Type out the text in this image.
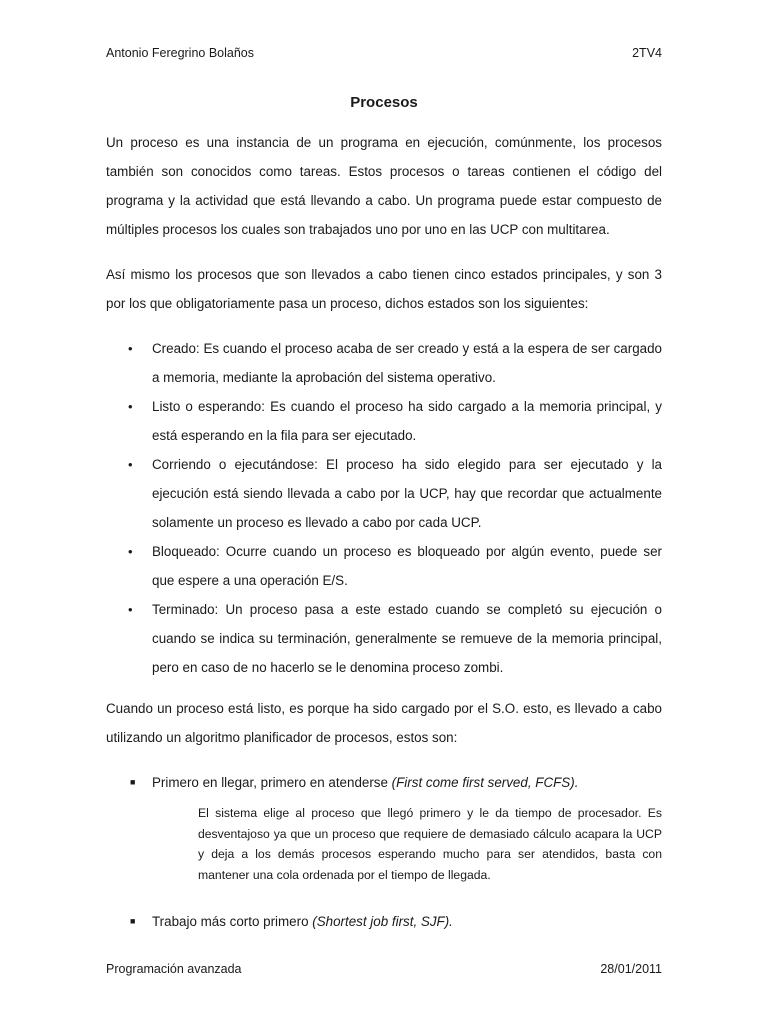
Antonio Feregrino Bolaños	2TV4
Procesos

Un proceso es una instancia de un programa en ejecución, comúnmente, los procesos también son conocidos como tareas. Estos procesos o tareas contienen el código del programa y la actividad que está llevando a cabo. Un programa puede estar compuesto de múltiples procesos los cuales son trabajados uno por uno en las UCP con multitarea.

Así mismo los procesos que son llevados a cabo tienen cinco estados principales, y son 3 por los que obligatoriamente pasa un proceso, dichos estados son los siguientes:

• Creado: Es cuando el proceso acaba de ser creado y está a la espera de ser cargado a memoria, mediante la aprobación del sistema operativo.
• Listo o esperando: Es cuando el proceso ha sido cargado a la memoria principal, y está esperando en la fila para ser ejecutado.
• Corriendo o ejecutándose: El proceso ha sido elegido para ser ejecutado y la ejecución está siendo llevada a cabo por la UCP, hay que recordar que actualmente solamente un proceso es llevado a cabo por cada UCP.
• Bloqueado: Ocurre cuando un proceso es bloqueado por algún evento, puede ser que espere a una operación E/S.
• Terminado: Un proceso pasa a este estado cuando se completó su ejecución o cuando se indica su terminación, generalmente se remueve de la memoria principal, pero en caso de no hacerlo se le denomina proceso zombi.

Cuando un proceso está listo, es porque ha sido cargado por el S.O. esto, es llevado a cabo utilizando un algoritmo planificador de procesos, estos son:

■ Primero en llegar, primero en atenderse (First come first served, FCFS).

El sistema elige al proceso que llegó primero y le da tiempo de procesador. Es desventajoso ya que un proceso que requiere de demasiado cálculo acapara la UCP y deja a los demás procesos esperando mucho para ser atendidos, basta con mantener una cola ordenada por el tiempo de llegada.

■ Trabajo más corto primero (Shortest job first, SJF).
Programación avanzada	28/01/2011
